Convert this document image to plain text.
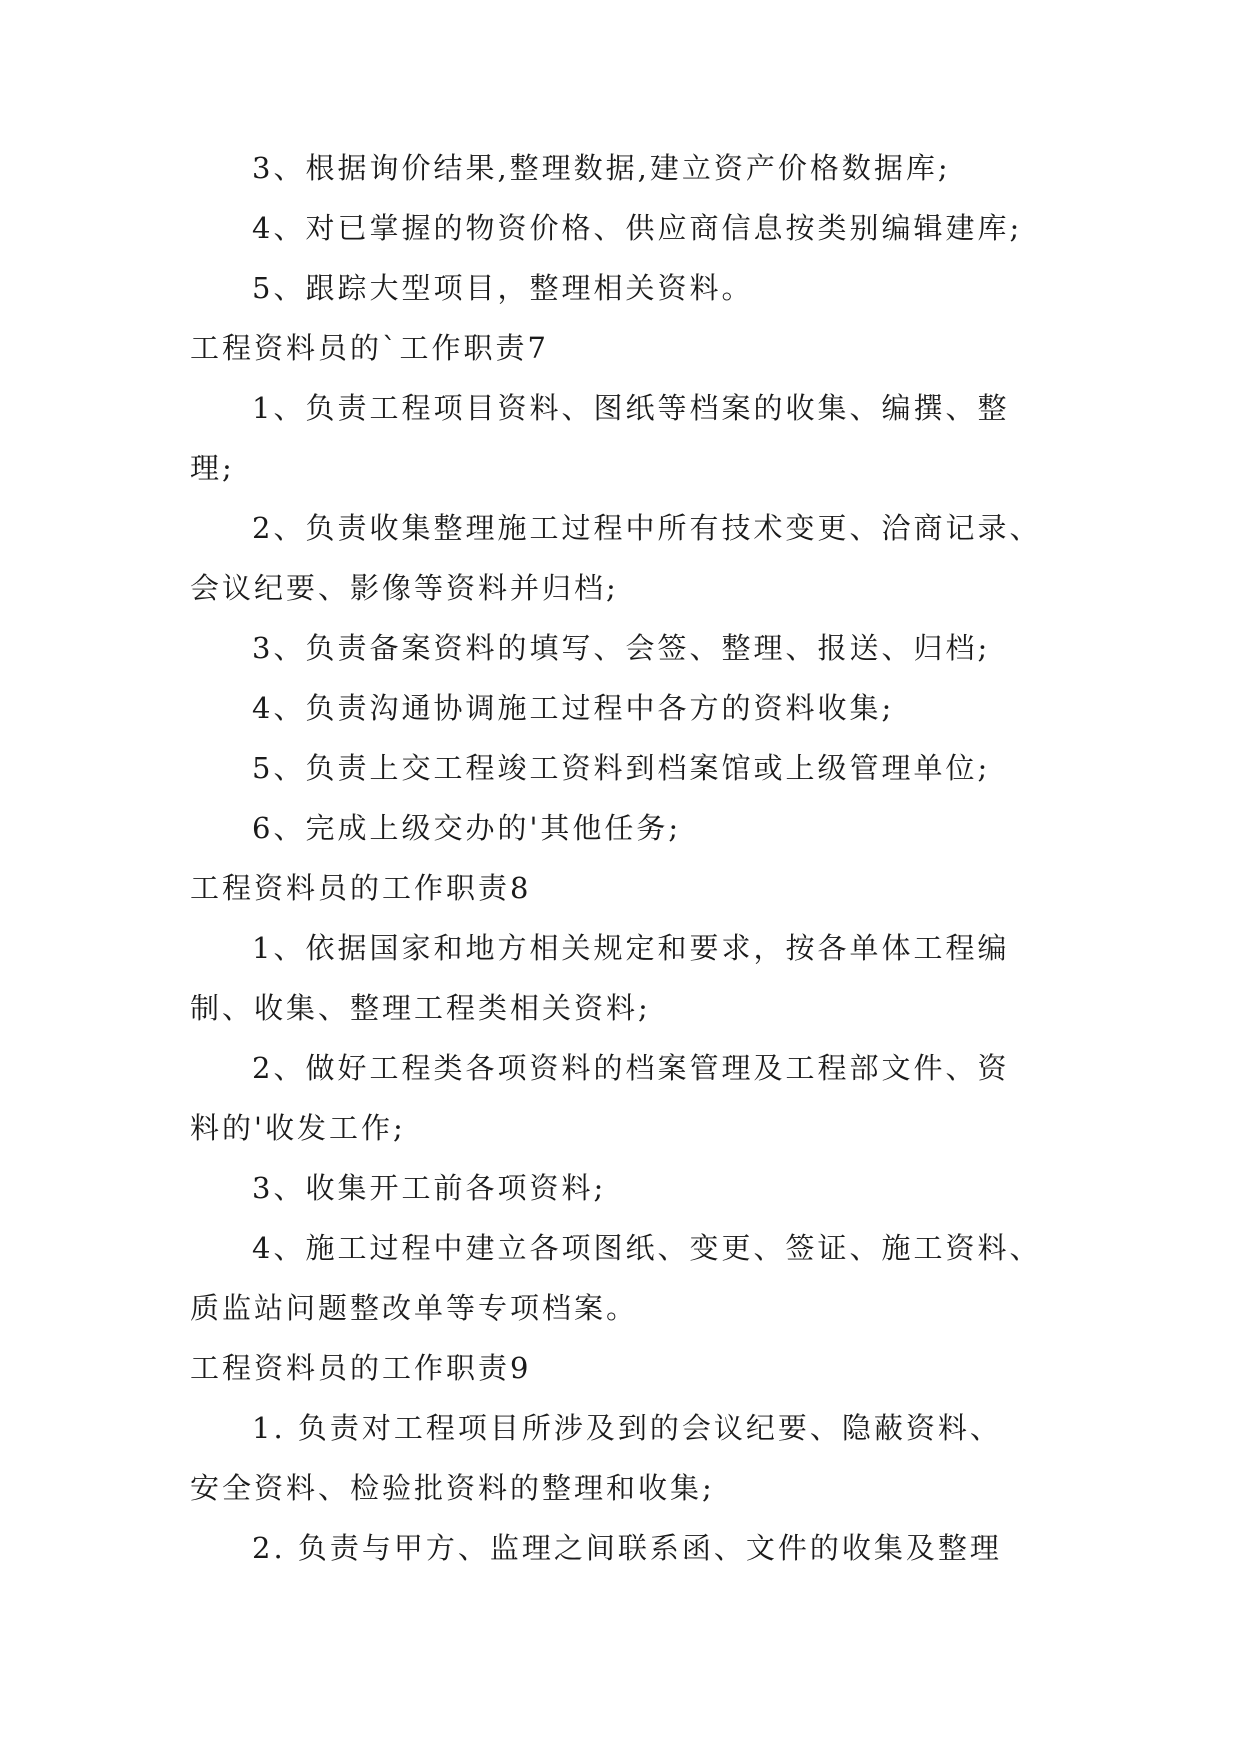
3、根据询价结果,整理数据,建立资产价格数据库;
4、对已掌握的物资价格、供应商信息按类别编辑建库;
5、跟踪大型项目，整理相关资料。
工程资料员的`工作职责7
1、负责工程项目资料、图纸等档案的收集、编撰、整
理;
2、负责收集整理施工过程中所有技术变更、洽商记录、
会议纪要、影像等资料并归档;
3、负责备案资料的填写、会签、整理、报送、归档;
4、负责沟通协调施工过程中各方的资料收集;
5、负责上交工程竣工资料到档案馆或上级管理单位;
6、完成上级交办的'其他任务;
工程资料员的工作职责8
1、依据国家和地方相关规定和要求，按各单体工程编
制、收集、整理工程类相关资料;
2、做好工程类各项资料的档案管理及工程部文件、资
料的'收发工作;
3、收集开工前各项资料;
4、施工过程中建立各项图纸、变更、签证、施工资料、
质监站问题整改单等专项档案。
工程资料员的工作职责9
1. 负责对工程项目所涉及到的会议纪要、隐蔽资料、
安全资料、检验批资料的整理和收集;
2. 负责与甲方、监理之间联系函、文件的收集及整理
